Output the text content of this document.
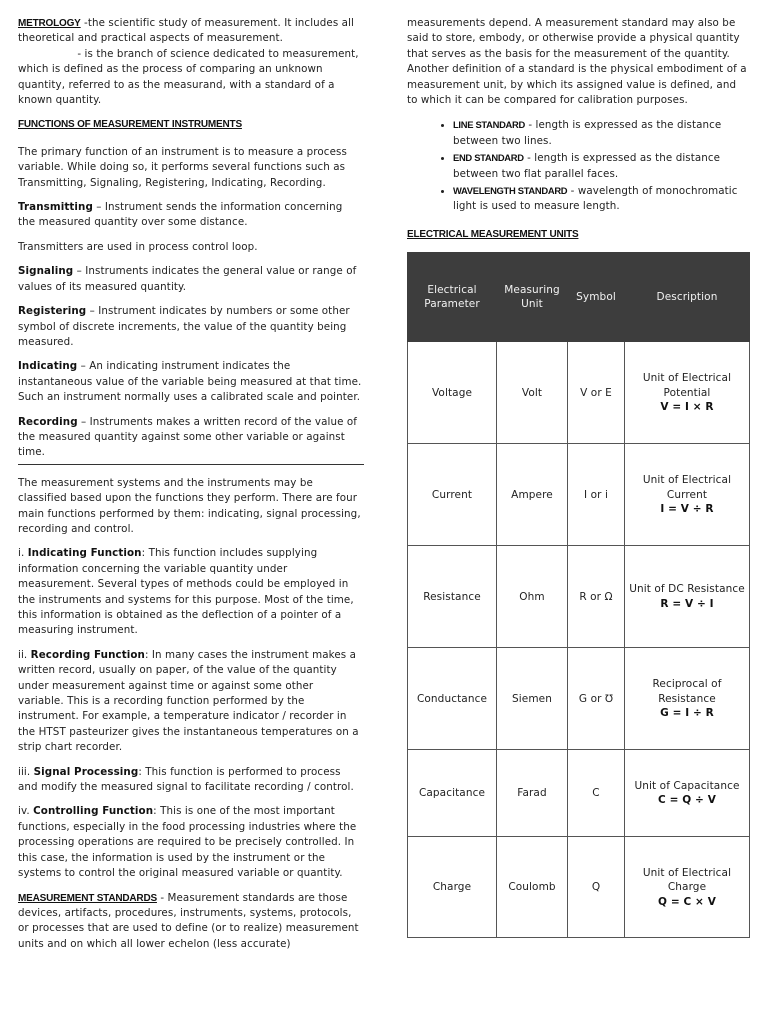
METROLOGY -the scientific study of measurement. It includes all theoretical and practical aspects of measurement.
- is the branch of science dedicated to measurement, which is defined as the process of comparing an unknown quantity, referred to as the measurand, with a standard of a known quantity.

FUNCTIONS OF MEASUREMENT INSTRUMENTS

The primary function of an instrument is to measure a process variable. While doing so, it performs several functions such as Transmitting, Signaling, Registering, Indicating, Recording.

Transmitting – Instrument sends the information concerning the measured quantity over some distance.

Transmitters are used in process control loop.

Signaling – Instruments indicates the general value or range of values of its measured quantity.

Registering – Instrument indicates by numbers or some other symbol of discrete increments, the value of the quantity being measured.

Indicating – An indicating instrument indicates the instantaneous value of the variable being measured at that time. Such an instrument normally uses a calibrated scale and pointer.

Recording – Instruments makes a written record of the value of the measured quantity against some other variable or against time.

The measurement systems and the instruments may be classified based upon the functions they perform. There are four main functions performed by them: indicating, signal processing, recording and control.

i. Indicating Function: This function includes supplying information concerning the variable quantity under measurement. Several types of methods could be employed in the instruments and systems for this purpose. Most of the time, this information is obtained as the deflection of a pointer of a measuring instrument.

ii. Recording Function: In many cases the instrument makes a written record, usually on paper, of the value of the quantity under measurement against time or against some other variable. This is a recording function performed by the instrument. For example, a temperature indicator / recorder in the HTST pasteurizer gives the instantaneous temperatures on a strip chart recorder.

iii. Signal Processing: This function is performed to process and modify the measured signal to facilitate recording / control.

iv. Controlling Function: This is one of the most important functions, especially in the food processing industries where the processing operations are required to be precisely controlled. In this case, the information is used by the instrument or the systems to control the original measured variable or quantity.

MEASUREMENT STANDARDS - Measurement standards are those devices, artifacts, procedures, instruments, systems, protocols, or processes that are used to define (or to realize) measurement units and on which all lower echelon (less accurate)

measurements depend. A measurement standard may also be said to store, embody, or otherwise provide a physical quantity that serves as the basis for the measurement of the quantity. Another definition of a standard is the physical embodiment of a measurement unit, by which its assigned value is defined, and to which it can be compared for calibration purposes.

• LINE STANDARD - length is expressed as the distance between two lines.
• END STANDARD - length is expressed as the distance between two flat parallel faces.
• WAVELENGTH STANDARD - wavelength of monochromatic light is used to measure length.

ELECTRICAL MEASUREMENT UNITS

Electrical Parameter	Measuring Unit	Symbol	Description
Voltage	Volt	V or E	Unit of Electrical Potential
V = I × R

Current	Ampere	I or i	Unit of Electrical Current
I = V ÷ R

Resistance	Ohm	R or Ω	Unit of DC Resistance
R = V ÷ I

Conductance	Siemen	G or ℧	Reciprocal of Resistance
G = I ÷ R

Capacitance	Farad	C	Unit of Capacitance
C = Q ÷ V

Charge	Coulomb	Q	Unit of Electrical Charge
Q = C × V
